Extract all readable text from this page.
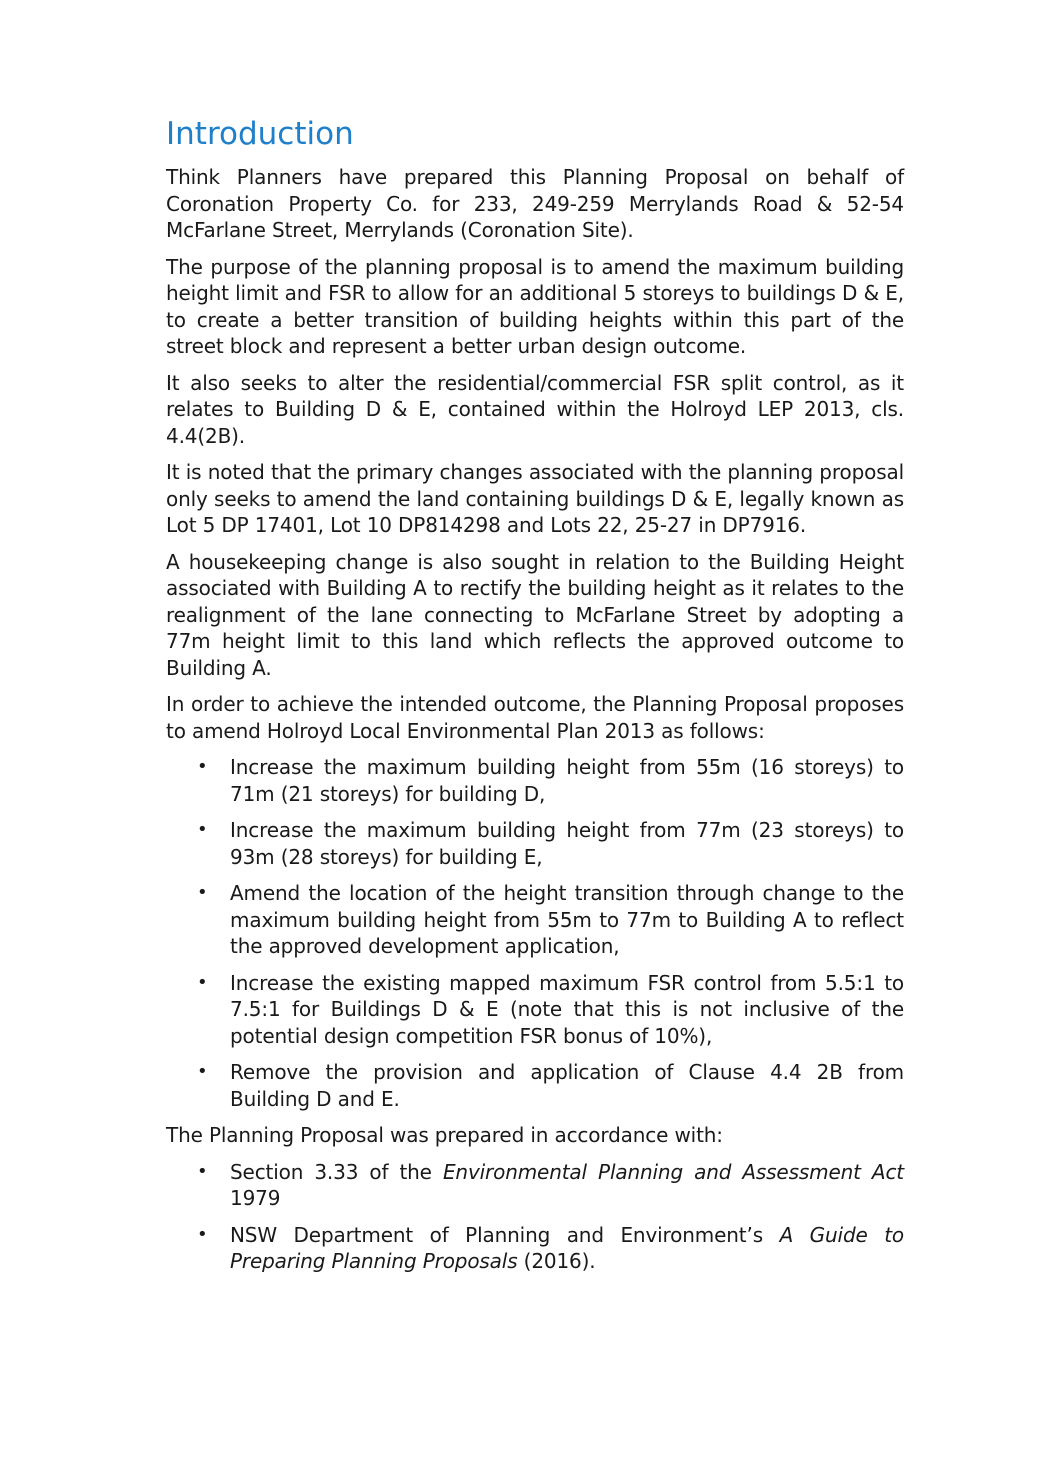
Introduction

Think Planners have prepared this Planning Proposal on behalf of Coronation Property Co. for 233, 249-259 Merrylands Road & 52-54 McFarlane Street, Merrylands (Coronation Site).

The purpose of the planning proposal is to amend the maximum building height limit and FSR to allow for an additional 5 storeys to buildings D & E, to create a better transition of building heights within this part of the street block and represent a better urban design outcome.

It also seeks to alter the residential/commercial FSR split control, as it relates to Building D & E, contained within the Holroyd LEP 2013, cls. 4.4(2B).

It is noted that the primary changes associated with the planning proposal only seeks to amend the land containing buildings D & E, legally known as Lot 5 DP 17401, Lot 10 DP814298 and Lots 22, 25-27 in DP7916.

A housekeeping change is also sought in relation to the Building Height associated with Building A to rectify the building height as it relates to the realignment of the lane connecting to McFarlane Street by adopting a 77m height limit to this land which reflects the approved outcome to Building A.

In order to achieve the intended outcome, the Planning Proposal proposes to amend Holroyd Local Environmental Plan 2013 as follows:

• Increase the maximum building height from 55m (16 storeys) to 71m (21 storeys) for building D,
• Increase the maximum building height from 77m (23 storeys) to 93m (28 storeys) for building E,
• Amend the location of the height transition through change to the maximum building height from 55m to 77m to Building A to reflect the approved development application,
• Increase the existing mapped maximum FSR control from 5.5:1 to 7.5:1 for Buildings D & E (note that this is not inclusive of the potential design competition FSR bonus of 10%),
• Remove the provision and application of Clause 4.4 2B from Building D and E.

The Planning Proposal was prepared in accordance with:

• Section 3.33 of the Environmental Planning and Assessment Act 1979
• NSW Department of Planning and Environment’s A Guide to Preparing Planning Proposals (2016).
